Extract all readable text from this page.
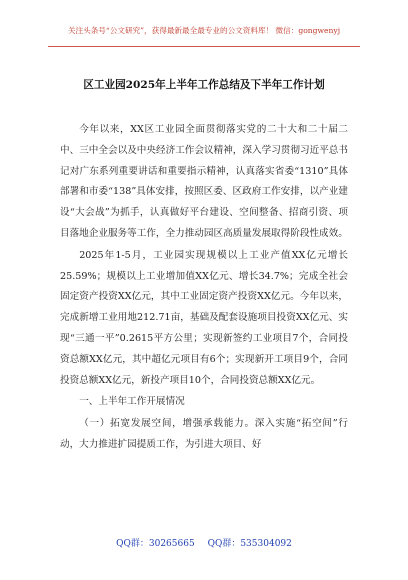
关注头条号“公文研究”，获得最新最全最专业的公文资料库！ 微信：gongwenyj
区工业园2025年上半年工作总结及下半年工作计划

今年以来，XX区工业园全面贯彻落实党的二十大和二十届二中、三中全会以及中央经济工作会议精神，深入学习贯彻习近平总书记对广东系列重要讲话和重要指示精神，认真落实省委“1310”具体部署和市委“138”具体安排，按照区委、区政府工作安排，以产业建设“大会战”为抓手，认真做好平台建设、空间整备、招商引资、项目落地企业服务等工作，全力推动园区高质量发展取得阶段性成效。

2025年1-5月，工业园实现规模以上工业产值XX亿元增长25.59%；规模以上工业增加值XX亿元、增长34.7%；完成全社会固定资产投资XX亿元，其中工业固定资产投资XX亿元。今年以来，完成新增工业用地212.71亩，基础及配套设施项目投资XX亿元、实现“三通一平”0.2615平方公里；实现新签约工业项目7个，合同投资总额XX亿元，其中超亿元项目有6个；实现新开工项目9个，合同投资总额XX亿元，新投产项目10个，合同投资总额XX亿元。

一、上半年工作开展情况

（一）拓宽发展空间，增强承载能力。深入实施“拓空间”行动，大力推进扩园提质工作，为引进大项目、好

QQ群：30265665 QQ群：535304092
